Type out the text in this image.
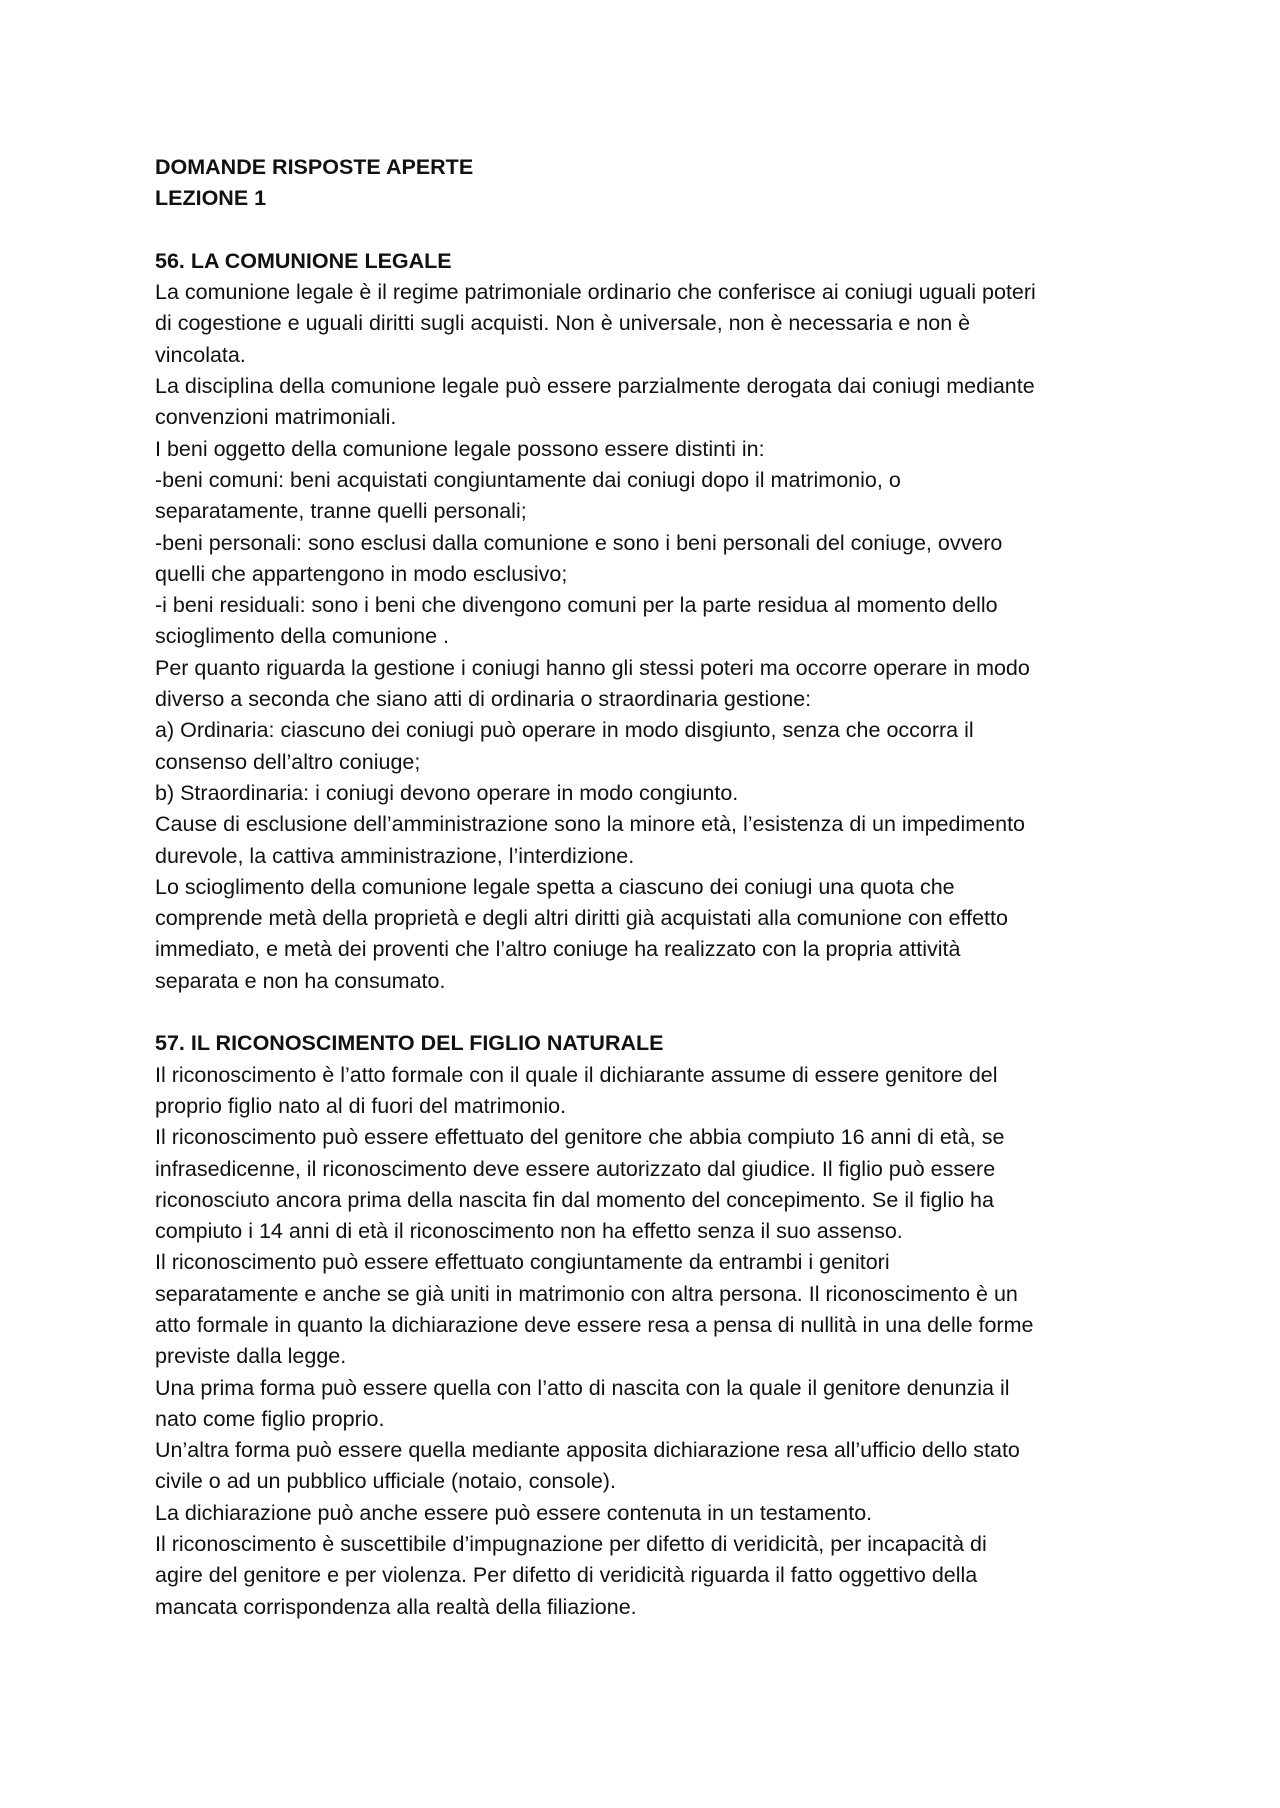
DOMANDE RISPOSTE APERTE

LEZIONE 1

56. LA COMUNIONE LEGALE

La comunione legale è il regime patrimoniale ordinario che conferisce ai coniugi uguali poteri

di cogestione e uguali diritti sugli acquisti. Non è universale, non è necessaria e non è

vincolata.

La disciplina della comunione legale può essere parzialmente derogata dai coniugi mediante

convenzioni matrimoniali.

I beni oggetto della comunione legale possono essere distinti in:

-beni comuni: beni acquistati congiuntamente dai coniugi dopo il matrimonio, o

separatamente, tranne quelli personali;

-beni personali: sono esclusi dalla comunione e sono i beni personali del coniuge, ovvero

quelli che appartengono in modo esclusivo;

-i beni residuali: sono i beni che divengono comuni per la parte residua al momento dello

scioglimento della comunione .

Per quanto riguarda la gestione i coniugi hanno gli stessi poteri ma occorre operare in modo

diverso a seconda che siano atti di ordinaria o straordinaria gestione:

a) Ordinaria: ciascuno dei coniugi può operare in modo disgiunto, senza che occorra il

consenso dell’altro coniuge;

b) Straordinaria: i coniugi devono operare in modo congiunto.

Cause di esclusione dell’amministrazione sono la minore età, l’esistenza di un impedimento

durevole, la cattiva amministrazione, l’interdizione.

Lo scioglimento della comunione legale spetta a ciascuno dei coniugi una quota che

comprende metà della proprietà e degli altri diritti già acquistati alla comunione con effetto

immediato, e metà dei proventi che l’altro coniuge ha realizzato con la propria attività

separata e non ha consumato.

57. IL RICONOSCIMENTO DEL FIGLIO NATURALE

Il riconoscimento è l’atto formale con il quale il dichiarante assume di essere genitore del

proprio figlio nato al di fuori del matrimonio.

Il riconoscimento può essere effettuato del genitore che abbia compiuto 16 anni di età, se

infrasedicenne, il riconoscimento deve essere autorizzato dal giudice. Il figlio può essere

riconosciuto ancora prima della nascita fin dal momento del concepimento. Se il figlio ha

compiuto i 14 anni di età il riconoscimento non ha effetto senza il suo assenso.

Il riconoscimento può essere effettuato congiuntamente da entrambi i genitori

separatamente e anche se già uniti in matrimonio con altra persona. Il riconoscimento è un

atto formale in quanto la dichiarazione deve essere resa a pensa di nullità in una delle forme

previste dalla legge.

Una prima forma può essere quella con l’atto di nascita con la quale il genitore denunzia il

nato come figlio proprio.

Un’altra forma può essere quella mediante apposita dichiarazione resa all’ufficio dello stato

civile o ad un pubblico ufficiale (notaio, console).

La dichiarazione può anche essere può essere contenuta in un testamento.

Il riconoscimento è suscettibile d’impugnazione per difetto di veridicità, per incapacità di

agire del genitore e per violenza. Per difetto di veridicità riguarda il fatto oggettivo della

mancata corrispondenza alla realtà della filiazione.
